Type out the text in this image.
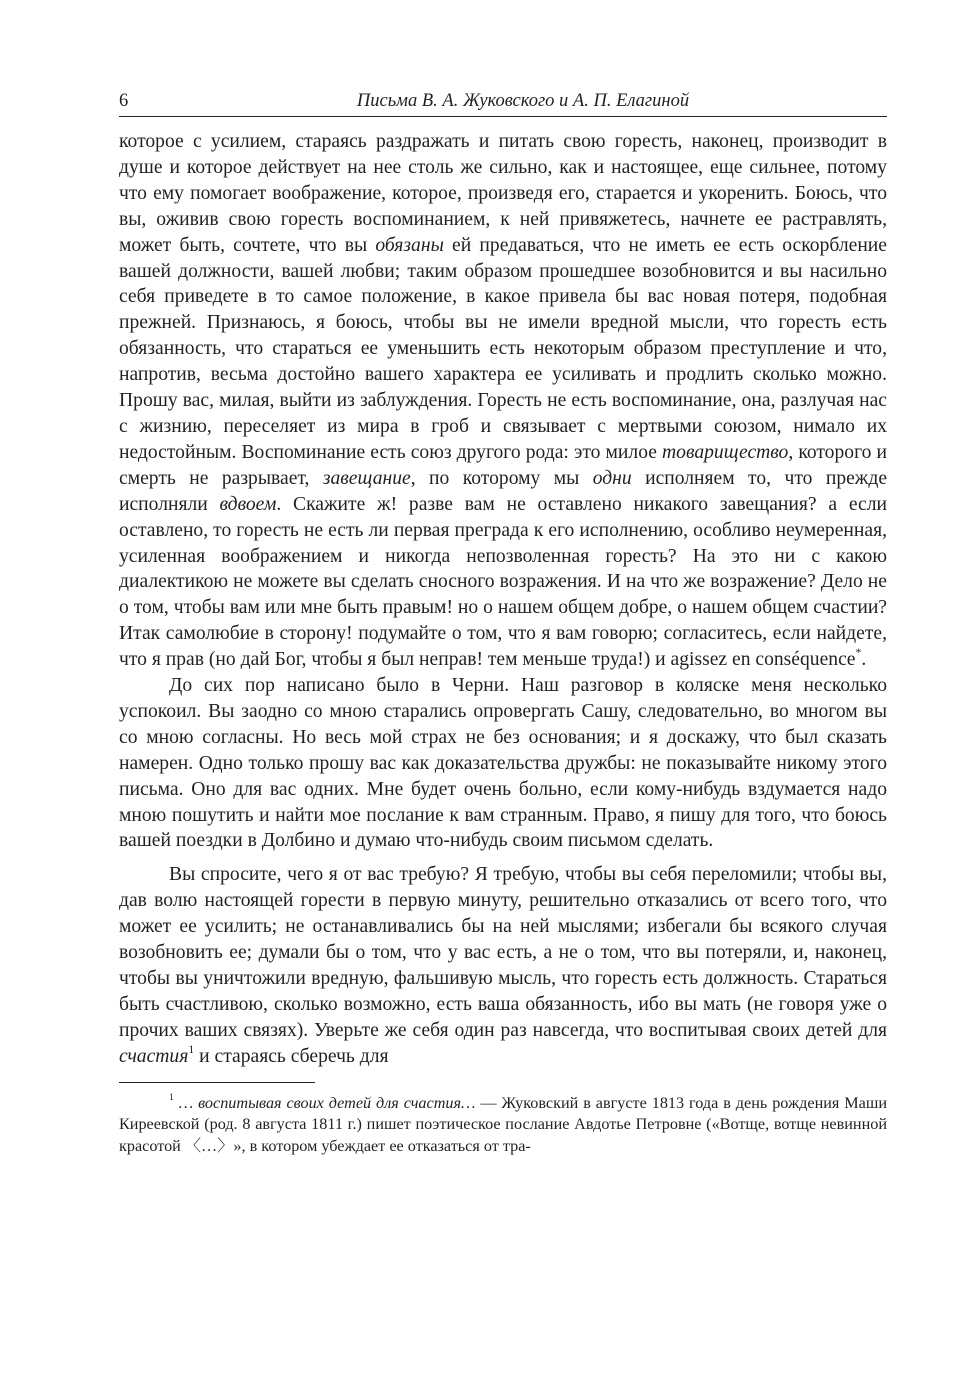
6	Письма В. А. Жуковского и А. П. Елагиной

которое с усилием, стараясь раздражать и питать свою горесть, наконец, производит в душе и которое действует на нее столь же сильно, как и настоящее, еще сильнее, потому что ему помогает воображение, которое, произведя его, старается и укоренить. Боюсь, что вы, оживив свою горесть воспоминанием, к ней привяжетесь, начнете ее растравлять, может быть, сочтете, что вы обязаны ей предаваться, что не иметь ее есть оскорбление вашей должности, вашей любви; таким образом прошедшее возобновится и вы насильно себя приведете в то самое положение, в какое привела бы вас новая потеря, подобная прежней. Признаюсь, я боюсь, чтобы вы не имели вредной мысли, что горесть есть обязанность, что стараться ее уменьшить есть некоторым образом преступление и что, напротив, весьма достойно вашего характера ее усиливать и продлить сколько можно. Прошу вас, милая, выйти из заблуждения. Горесть не есть воспоминание, она, разлучая нас с жизнию, переселяет из мира в гроб и связывает с мертвыми союзом, нимало их недостойным. Воспоминание есть союз другого рода: это милое товарищество, которого и смерть не разрывает, завещание, по которому мы одни исполняем то, что прежде исполняли вдвоем. Скажите ж! разве вам не оставлено никакого завещания? а если оставлено, то горесть не есть ли первая преграда к его исполнению, особливо неумеренная, усиленная воображением и никогда непозволенная горесть? На это ни с какою диалектикою не можете вы сделать сносного возражения. И на что же возражение? Дело не о том, чтобы вам или мне быть правым! но о нашем общем добре, о нашем общем счастии? Итак самолюбие в сторону! подумайте о том, что я вам говорю; согласитесь, если найдете, что я прав (но дай Бог, чтобы я был неправ! тем меньше труда!) и agissez en conséquence*.

До сих пор написано было в Черни. Наш разговор в коляске меня несколько успокоил. Вы заодно со мною старались опровергать Сашу, следовательно, во многом вы со мною согласны. Но весь мой страх не без основания; и я доскажу, что был сказать намерен. Одно только прошу вас как доказательства дружбы: не показывайте никому этого письма. Оно для вас одних. Мне будет очень больно, если кому-нибудь вздумается надо мною пошутить и найти мое послание к вам странным. Право, я пишу для того, что боюсь вашей поездки в Долбино и думаю что-нибудь своим письмом сделать.

Вы спросите, чего я от вас требую? Я требую, чтобы вы себя переломили; чтобы вы, дав волю настоящей горести в первую минуту, решительно отказались от всего того, что может ее усилить; не останавливались бы на ней мыслями; избегали бы всякого случая возобновить ее; думали бы о том, что у вас есть, а не о том, что вы потеряли, и, наконец, чтобы вы уничтожили вредную, фальшивую мысль, что горесть есть должность. Стараться быть счастливою, сколько возможно, есть ваша обязанность, ибо вы мать (не говоря уже о прочих ваших связях). Уверьте же себя один раз навсегда, что воспитывая своих детей для счастия$^1$ и стараясь сберечь для

$^1$ … воспитывая своих детей для счастия… — Жуковский в августе 1813 года в день рождения Маши Киреевской (род. 8 августа 1811 г.) пишет поэтическое послание Авдотье Петровне («Вотще, вотще невинной красотой 〈…〉», в котором убеждает ее отказаться от тра-
